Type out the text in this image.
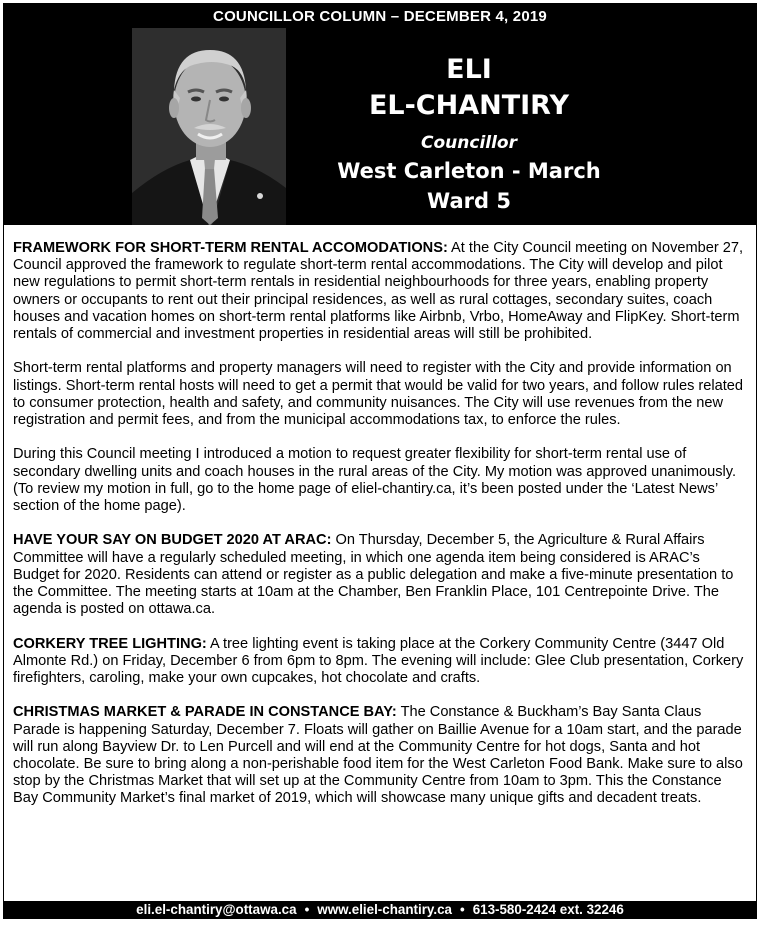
COUNCILLOR COLUMN – DECEMBER 4, 2019
ELI
EL-CHANTIRY
Councillor
West Carleton - March
Ward 5

FRAMEWORK FOR SHORT-TERM RENTAL ACCOMODATIONS: At the City Council meeting on November 27, Council approved the framework to regulate short-term rental accommodations. The City will develop and pilot new regulations to permit short-term rentals in residential neighbourhoods for three years, enabling property owners or occupants to rent out their principal residences, as well as rural cottages, secondary suites, coach houses and vacation homes on short-term rental platforms like Airbnb, Vrbo, HomeAway and FlipKey. Short-term rentals of commercial and investment properties in residential areas will still be prohibited.

Short-term rental platforms and property managers will need to register with the City and provide information on listings. Short-term rental hosts will need to get a permit that would be valid for two years, and follow rules related to consumer protection, health and safety, and community nuisances. The City will use revenues from the new registration and permit fees, and from the municipal accommodations tax, to enforce the rules.

During this Council meeting I introduced a motion to request greater flexibility for short-term rental use of secondary dwelling units and coach houses in the rural areas of the City. My motion was approved unanimously. (To review my motion in full, go to the home page of eliel-chantiry.ca, it’s been posted under the ‘Latest News’ section of the home page).

HAVE YOUR SAY ON BUDGET 2020 AT ARAC: On Thursday, December 5, the Agriculture & Rural Affairs Committee will have a regularly scheduled meeting, in which one agenda item being considered is ARAC’s Budget for 2020. Residents can attend or register as a public delegation and make a five-minute presentation to the Committee. The meeting starts at 10am at the Chamber, Ben Franklin Place, 101 Centrepointe Drive. The agenda is posted on ottawa.ca.

CORKERY TREE LIGHTING: A tree lighting event is taking place at the Corkery Community Centre (3447 Old Almonte Rd.) on Friday, December 6 from 6pm to 8pm. The evening will include: Glee Club presentation, Corkery firefighters, caroling, make your own cupcakes, hot chocolate and crafts.

CHRISTMAS MARKET & PARADE IN CONSTANCE BAY: The Constance & Buckham’s Bay Santa Claus Parade is happening Saturday, December 7. Floats will gather on Baillie Avenue for a 10am start, and the parade will run along Bayview Dr. to Len Purcell and will end at the Community Centre for hot dogs, Santa and hot chocolate. Be sure to bring along a non-perishable food item for the West Carleton Food Bank. Make sure to also stop by the Christmas Market that will set up at the Community Centre from 10am to 3pm. This the Constance Bay Community Market’s final market of 2019, which will showcase many unique gifts and decadent treats.

eli.el-chantiry@ottawa.ca • www.eliel-chantiry.ca • 613-580-2424 ext. 32246
